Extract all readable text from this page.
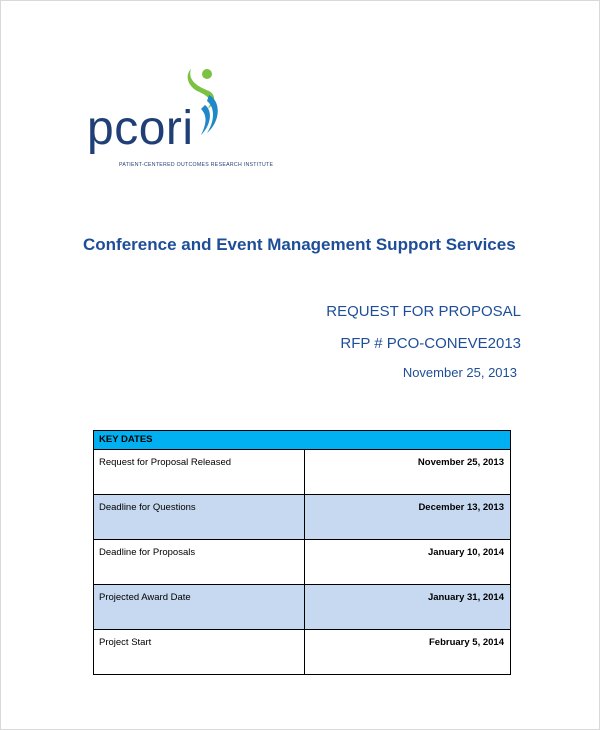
pcori
PATIENT-CENTERED OUTCOMES RESEARCH INSTITUTE
Conference and Event Management Support Services
REQUEST FOR PROPOSAL
RFP # PCO-CONEVE2013
November 25, 2013
KEY DATES	
Request for Proposal Released	November 25, 2013
Deadline for Questions	December 13, 2013
Deadline for Proposals	January 10, 2014
Projected Award Date	January 31, 2014
Project Start	February 5, 2014
